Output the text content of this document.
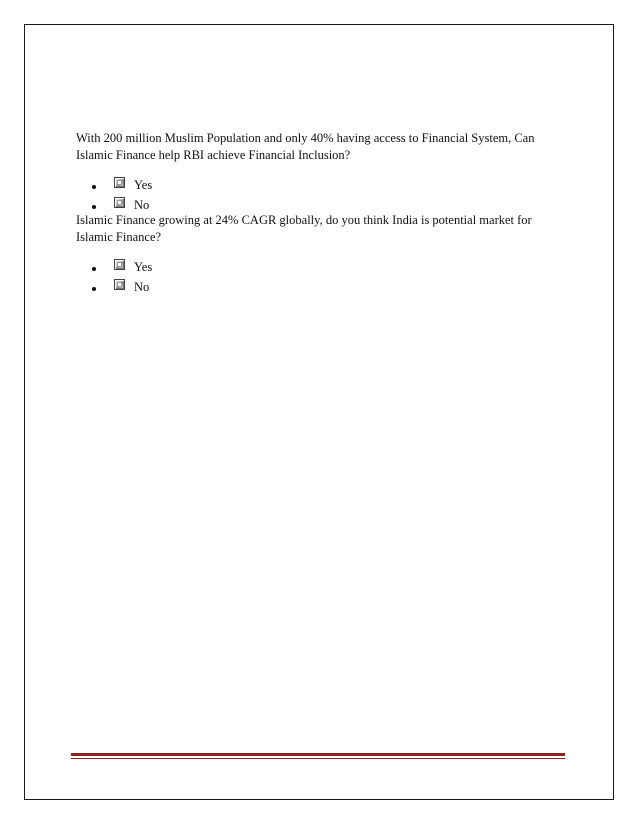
With 200 million Muslim Population and only 40% having access to Financial System, Can Islamic Finance help RBI achieve Financial Inclusion?

Yes
No

Islamic Finance growing at 24% CAGR globally, do you think India is potential market for Islamic Finance?

Yes
No
